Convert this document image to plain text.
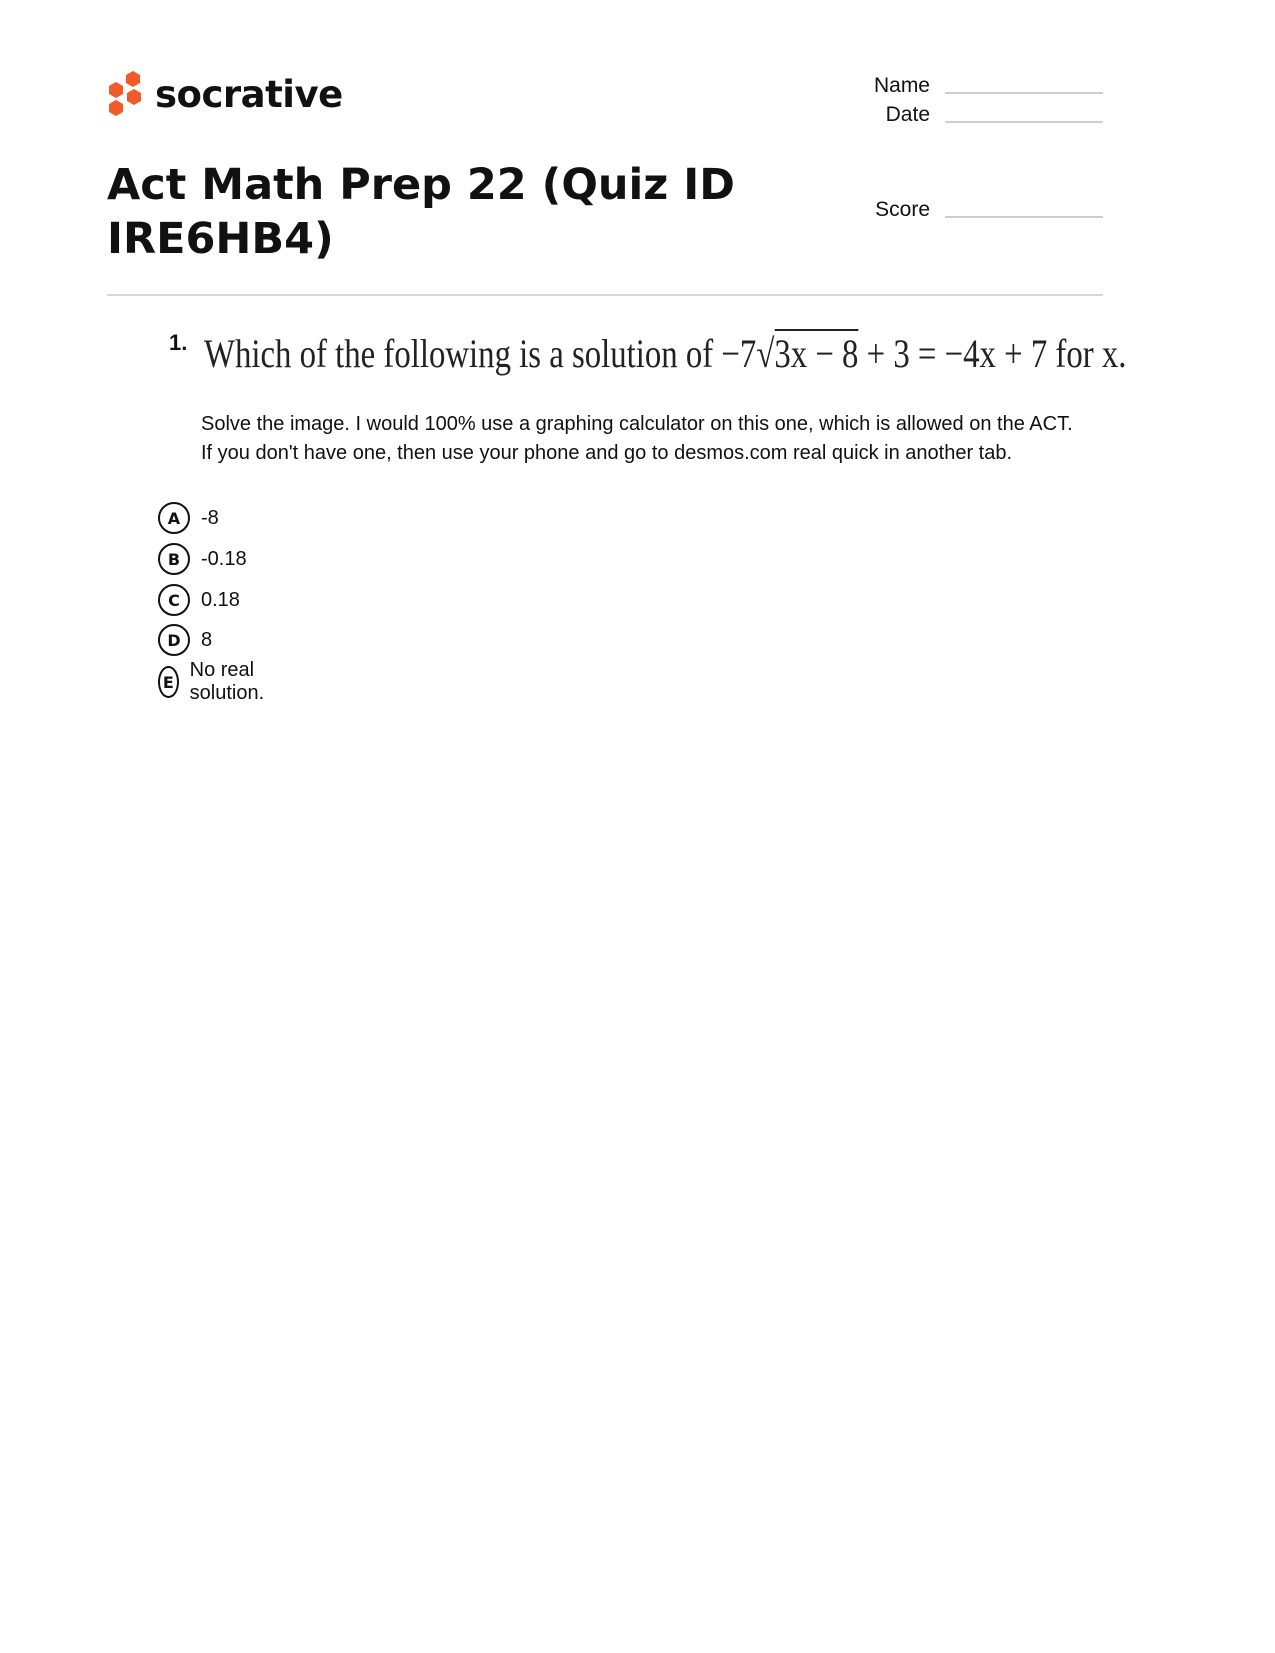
socrative	Name
Date
Score
Act Math Prep 22 (Quiz ID IRE6HB4)
1. Which of the following is a solution of −7√3x − 8 + 3 = −4x + 7 for x.
Solve the image. I would 100% use a graphing calculator on this one, which is allowed on the ACT. If you don't have one, then use your phone and go to desmos.com real quick in another tab.
A	-8
B	-0.18
C	0.18
D	8
E
No real solution.
